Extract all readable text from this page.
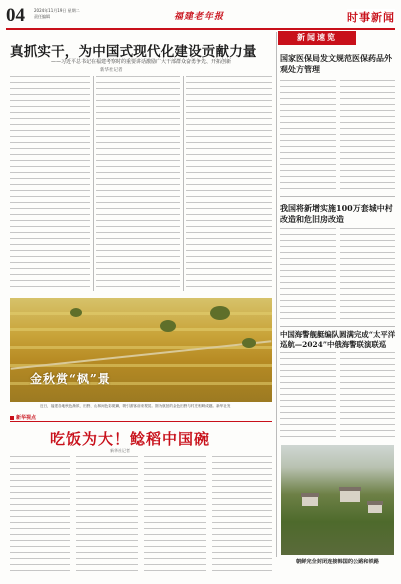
04 2024年11月19日 星期二
责任编辑	福建老年报	时事新闻
真抓实干，为中国式现代化建设贡献力量
——习近平总书记在福建考察时的重要讲话激励广大干部群众奋勇争先、开拓创新
新华社记者
金秋赏“枫”景
近日，福建各地秋色渐浓，田野、山林间色彩斑斓，吸引游客前来观赏。图为航拍的金色田野与村庄相映成趣。新华社发
新闻速览
国家医保局发文规范医保药品外观处方管理
我国将新增实施100万套城中村改造和危旧房改造
中国海警舰艇编队圆满完成“太平洋巡航—2024”中俄海警联演联巡
朝鲜完全封闭连接韩国的公路和铁路
新华视点
吃饭为大！鲶稻中国碗
新华社记者
